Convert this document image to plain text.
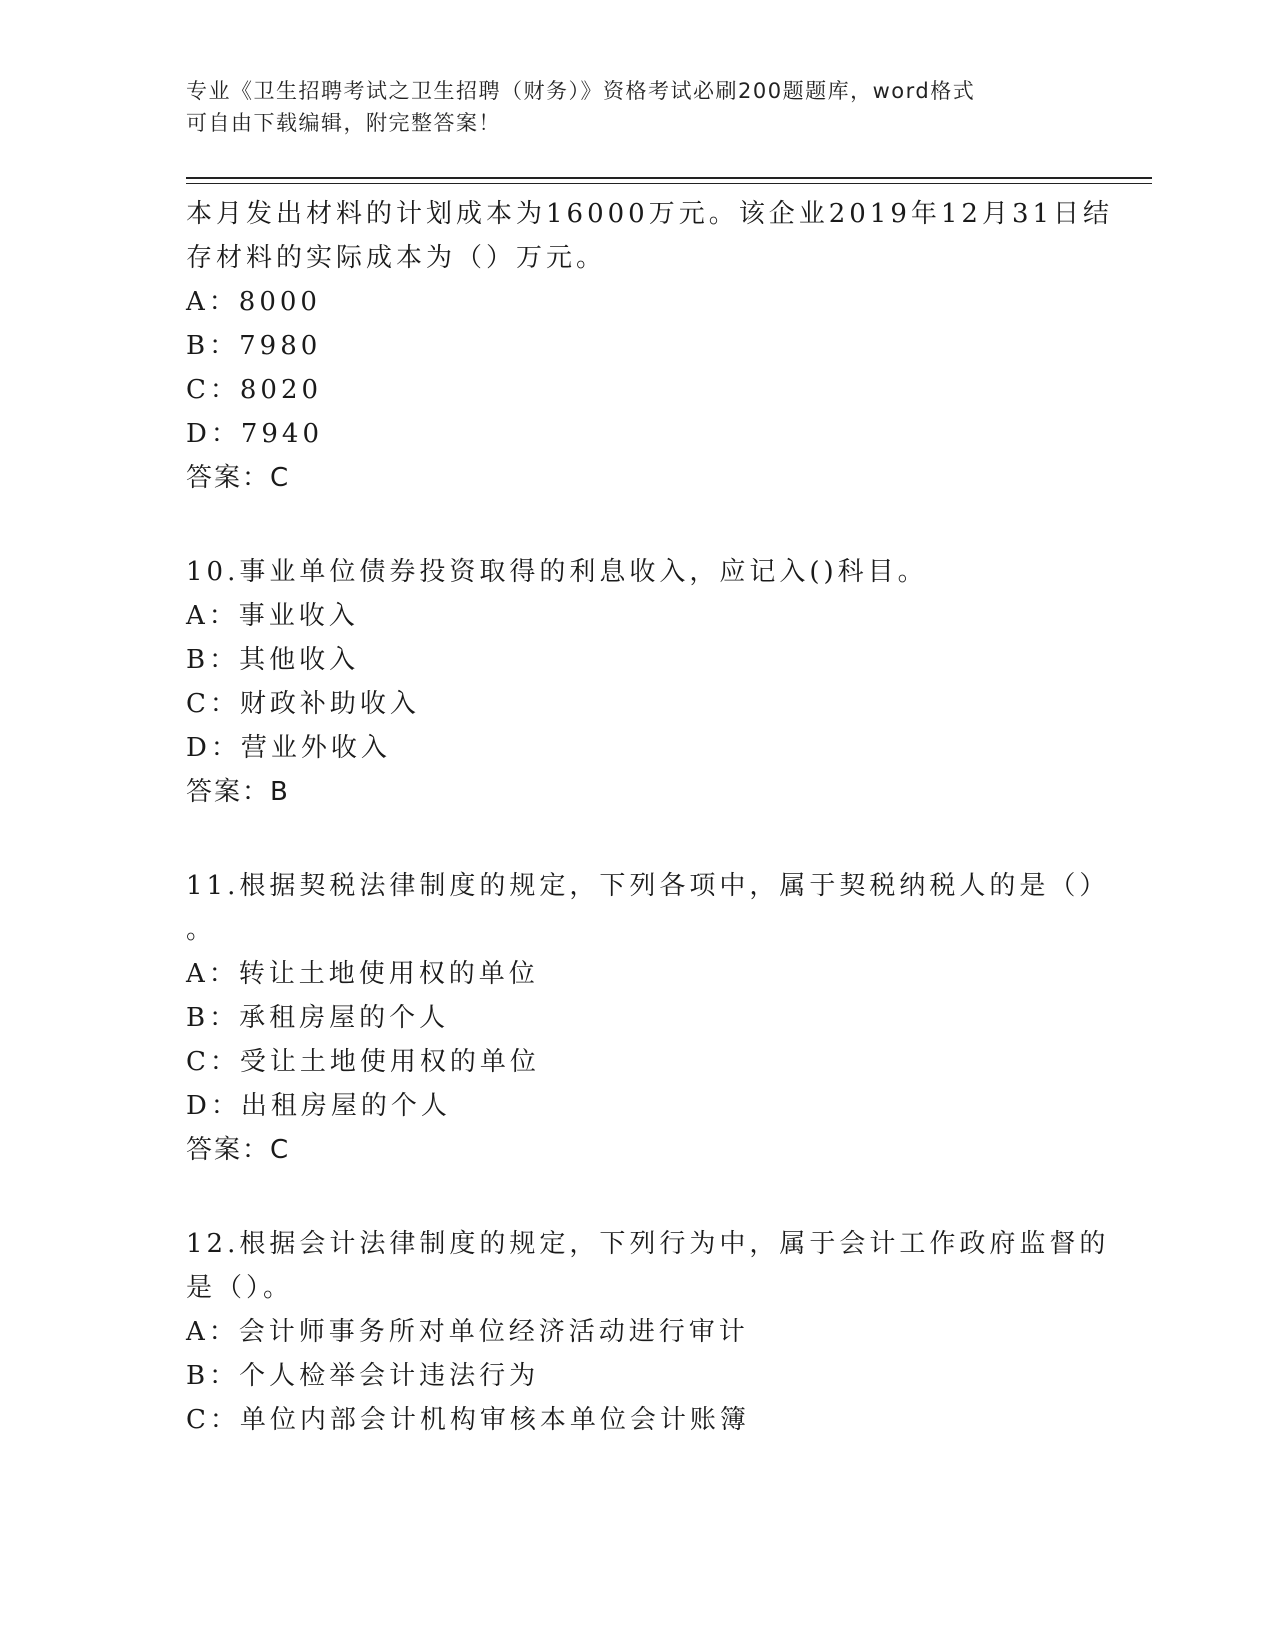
专业《卫生招聘考试之卫生招聘（财务）》资格考试必刷200题题库，word格式
可自由下载编辑，附完整答案！
本月发出材料的计划成本为16000万元。该企业2019年12月31日结
存材料的实际成本为（）万元。
A：8000
B：7980
C：8020
D：7940
答案：C
10.事业单位债券投资取得的利息收入，应记入()科目。
A：事业收入
B：其他收入
C：财政补助收入
D：营业外收入
答案：B
11.根据契税法律制度的规定，下列各项中，属于契税纳税人的是（）
。
A：转让土地使用权的单位
B：承租房屋的个人
C：受让土地使用权的单位
D：出租房屋的个人
答案：C
12.根据会计法律制度的规定，下列行为中，属于会计工作政府监督的
是（）。
A：会计师事务所对单位经济活动进行审计
B：个人检举会计违法行为
C：单位内部会计机构审核本单位会计账簿
